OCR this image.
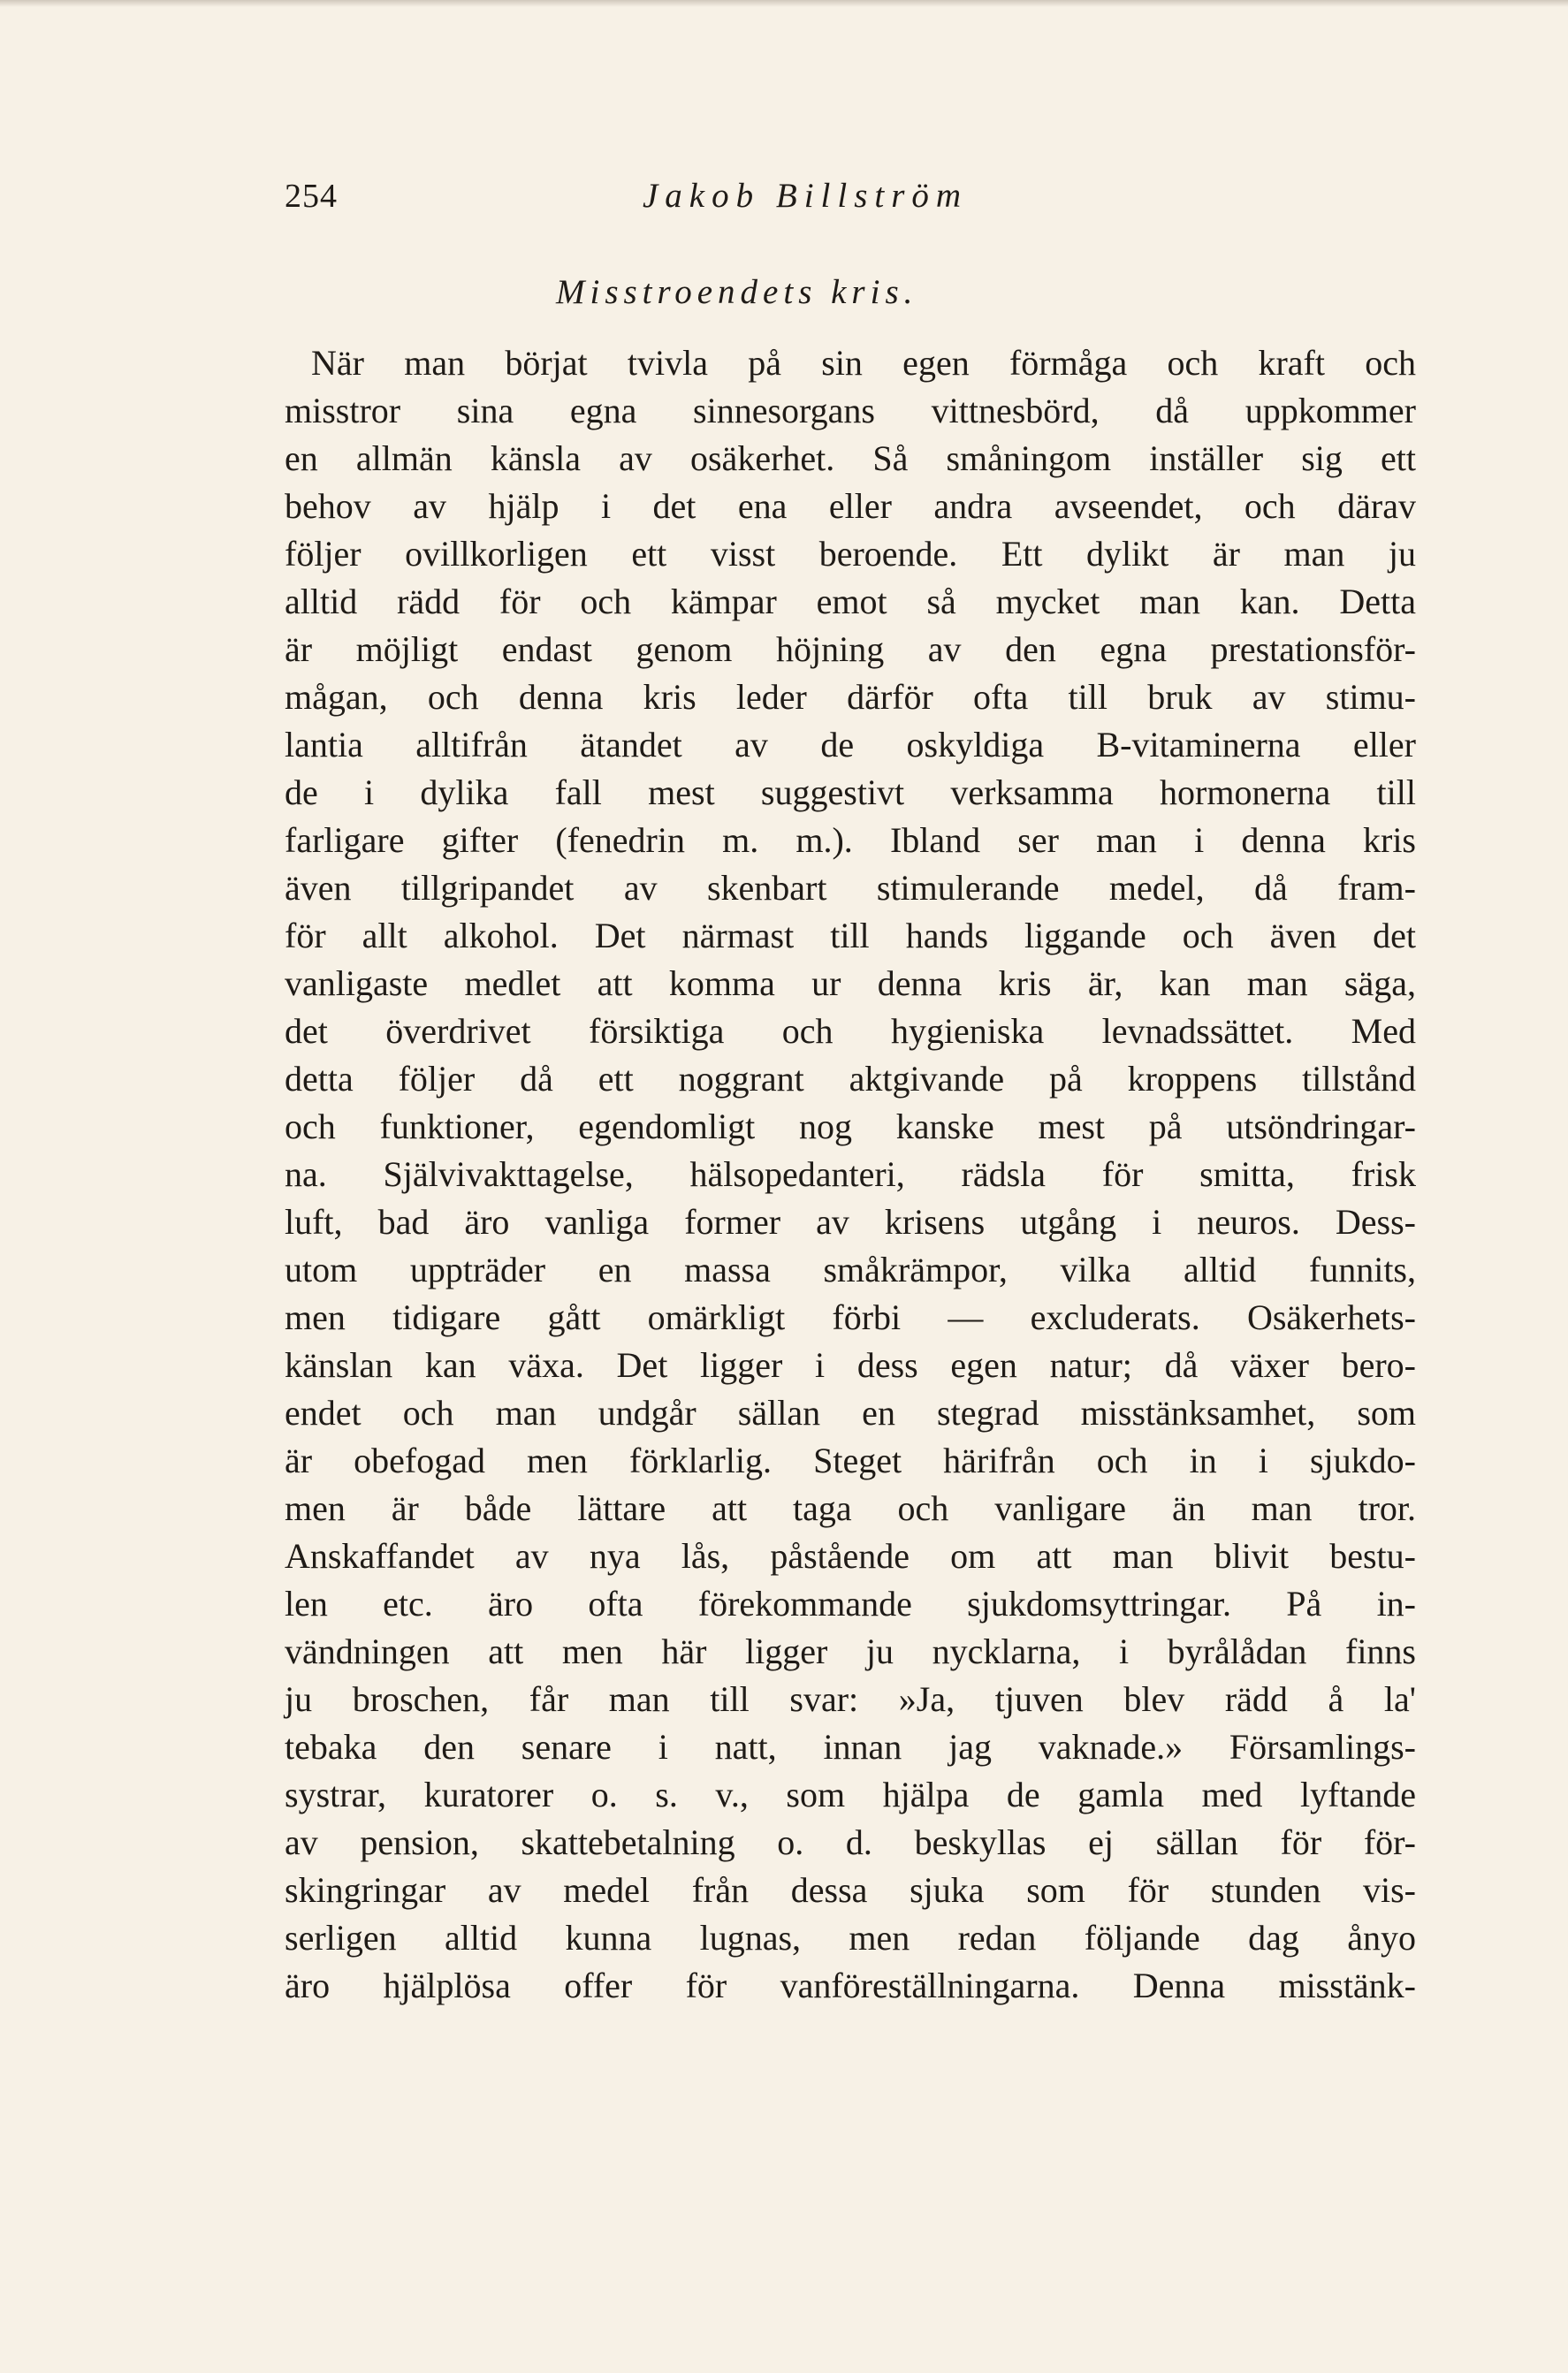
254	Jakob Billström
Misstroendets kris.
När man börjat tvivla på sin egen förmåga och kraft och
misstror sina egna sinnesorgans vittnesbörd, då uppkommer
en allmän känsla av osäkerhet. Så småningom inställer sig ett
behov av hjälp i det ena eller andra avseendet, och därav
följer ovillkorligen ett visst beroende. Ett dylikt är man ju
alltid rädd för och kämpar emot så mycket man kan. Detta
är möjligt endast genom höjning av den egna prestationsför-
mågan, och denna kris leder därför ofta till bruk av stimu-
lantia alltifrån ätandet av de oskyldiga B-vitaminerna eller
de i dylika fall mest suggestivt verksamma hormonerna till
farligare gifter (fenedrin m. m.). Ibland ser man i denna kris
även tillgripandet av skenbart stimulerande medel, då fram-
för allt alkohol. Det närmast till hands liggande och även det
vanligaste medlet att komma ur denna kris är, kan man säga,
det överdrivet försiktiga och hygieniska levnadssättet. Med
detta följer då ett noggrant aktgivande på kroppens tillstånd
och funktioner, egendomligt nog kanske mest på utsöndringar-
na. Självivakttagelse, hälsopedanteri, rädsla för smitta, frisk
luft, bad äro vanliga former av krisens utgång i neuros. Dess-
utom uppträder en massa småkrämpor, vilka alltid funnits,
men tidigare gått omärkligt förbi — excluderats. Osäkerhets-
känslan kan växa. Det ligger i dess egen natur; då växer bero-
endet och man undgår sällan en stegrad misstänksamhet, som
är obefogad men förklarlig. Steget härifrån och in i sjukdo-
men är både lättare att taga och vanligare än man tror.
Anskaffandet av nya lås, påstående om att man blivit bestu-
len etc. äro ofta förekommande sjukdomsyttringar. På in-
vändningen att men här ligger ju nycklarna, i byrålådan finns
ju broschen, får man till svar: »Ja, tjuven blev rädd å la'
tebaka den senare i natt, innan jag vaknade.» Församlings-
systrar, kuratorer o. s. v., som hjälpa de gamla med lyftande
av pension, skattebetalning o. d. beskyllas ej sällan för för-
skingringar av medel från dessa sjuka som för stunden vis-
serligen alltid kunna lugnas, men redan följande dag ånyo
äro hjälplösa offer för vanföreställningarna. Denna misstänk-
